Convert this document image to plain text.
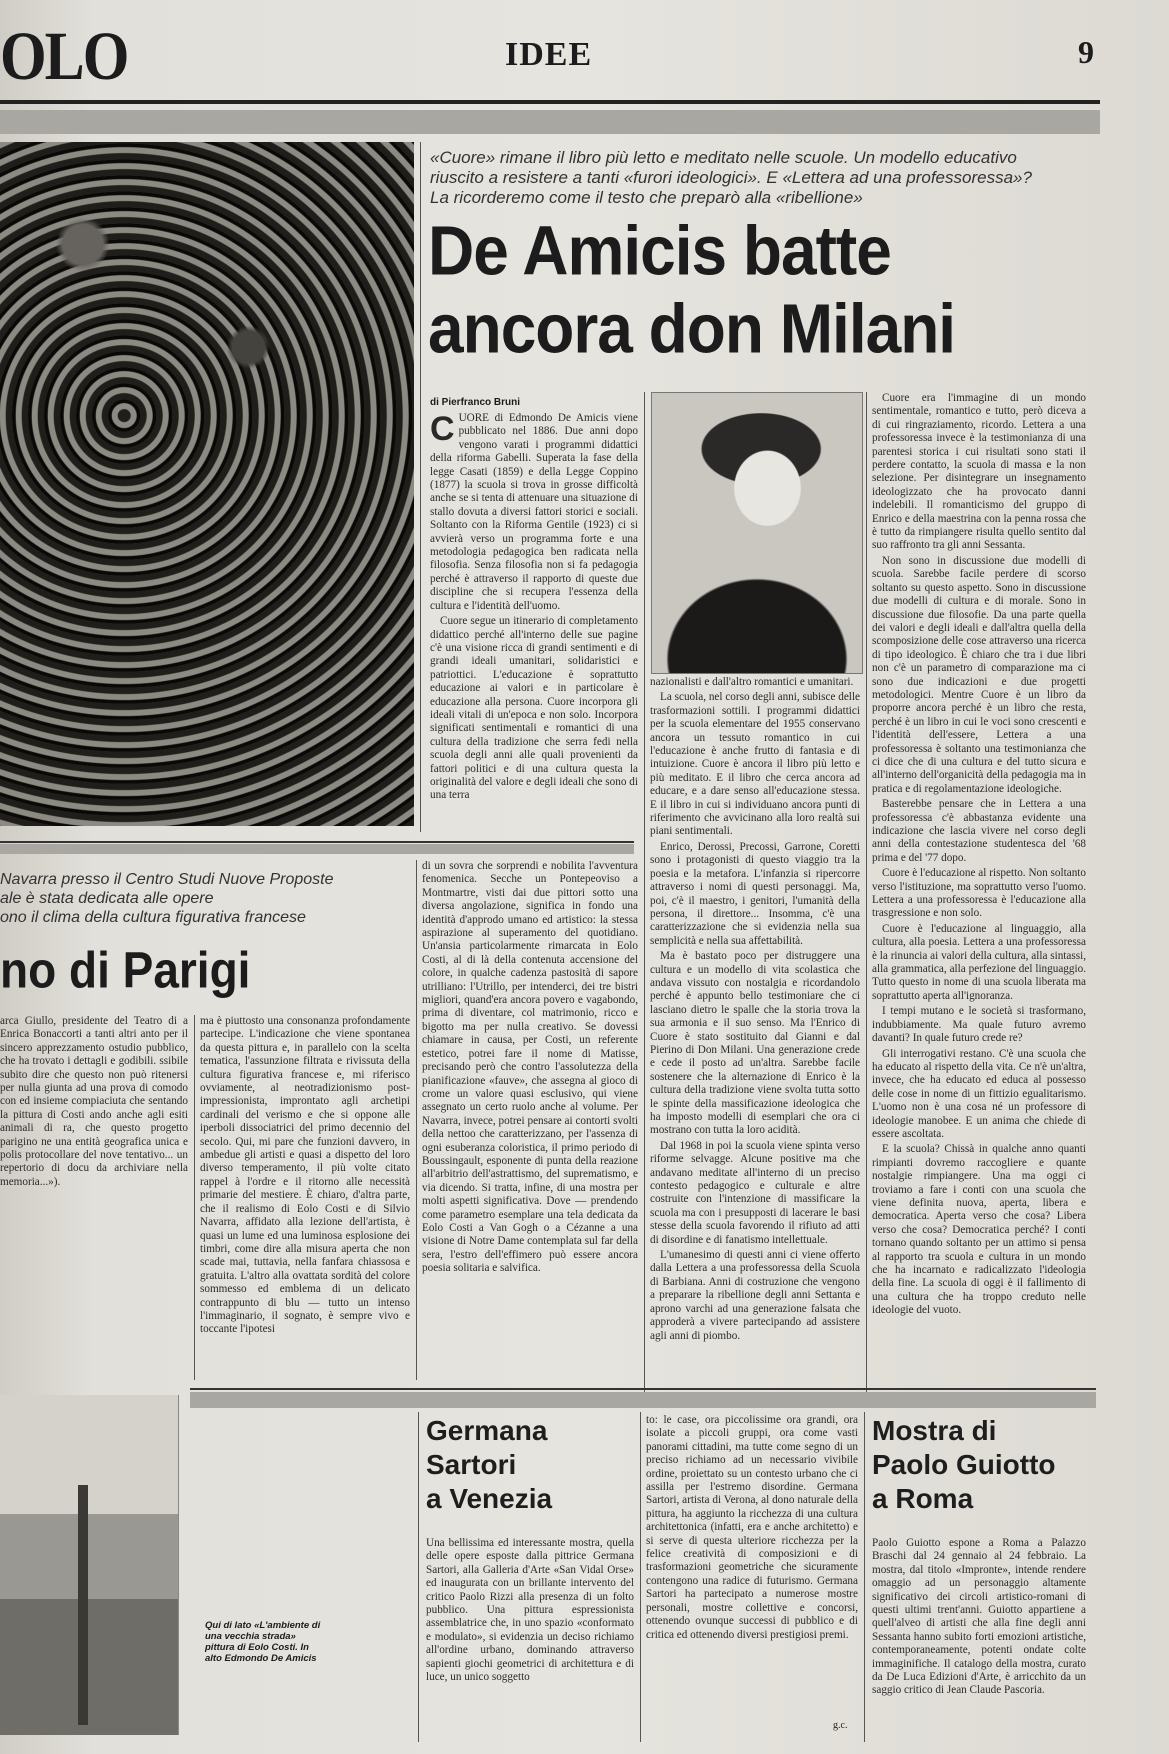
OLO	IDEE	9
«Cuore» rimane il libro più letto e meditato nelle scuole. Un modello educativo riuscito a resistere a tanti «furori ideologici». E «Lettera ad una professoressa»? La ricorderemo come il testo che preparò alla «ribellione»
De Amicis batte
ancora don Milani
di Pierfranco Bruni
C UORE di Edmondo De Amicis viene pubblicato nel 1886. Due anni dopo vengono varati i programmi didattici della riforma Gabelli. Superata la fase della legge Casati (1859) e della Legge Coppino (1877) la scuola si trova in grosse difficoltà anche se si tenta di attenuare una situazione di stallo dovuta a diversi fattori storici e sociali. Soltanto con la Riforma Gentile (1923) ci si avvierà verso un programma forte e una metodologia pedagogica ben radicata nella filosofia. Senza filosofia non si fa pedagogia perché è attraverso il rapporto di queste due discipline che si recupera l'essenza della cultura e l'identità dell'uomo.

Cuore segue un itinerario di completamento didattico perché all'interno delle sue pagine c'è una visione ricca di grandi sentimenti e di grandi ideali umanitari, solidaristici e patriottici. L'educazione è soprattutto educazione ai valori e in particolare è educazione alla persona. Cuore incorpora gli ideali vitali di un'epoca e non solo. Incorpora significati sentimentali e romantici di una cultura della tradizione che serra fedi nella scuola degli anni alle quali provenienti da fattori politici e di una cultura questa la originalità del valore e degli ideali che sono di una terra

nazionalisti e dall'altro romantici e umanitari.

La scuola, nel corso degli anni, subisce delle trasformazioni sottili. I programmi didattici per la scuola elementare del 1955 conservano ancora un tessuto romantico in cui l'educazione è anche frutto di fantasia e di intuizione. Cuore è ancora il libro più letto e più meditato. E il libro che cerca ancora ad educare, e a dare senso all'educazione stessa. E il libro in cui si individuano ancora punti di riferimento che avvicinano alla loro realtà sui piani sentimentali.

Enrico, Derossi, Precossi, Garrone, Coretti sono i protagonisti di questo viaggio tra la poesia e la metafora. L'infanzia si ripercorre attraverso i nomi di questi personaggi. Ma, poi, c'è il maestro, i genitori, l'umanità della persona, il direttore... Insomma, c'è una caratterizzazione che si evidenzia nella sua semplicità e nella sua affettabilità.

Ma è bastato poco per distruggere una cultura e un modello di vita scolastica che andava vissuto con nostalgia e ricordandolo perché è appunto bello testimoniare che ci lasciano dietro le spalle che la storia trova la sua armonia e il suo senso. Ma l'Enrico di Cuore è stato sostituito dal Gianni e dal Pierino di Don Milani. Una generazione crede e cede il posto ad un'altra. Sarebbe facile sostenere che la alternazione di Enrico è la cultura della tradizione viene svolta tutta sotto le spinte della massificazione ideologica che ha imposto modelli di esemplari che ora ci mostrano con tutta la loro acidità.

Dal 1968 in poi la scuola viene spinta verso riforme selvagge. Alcune positive ma che andavano meditate all'interno di un preciso contesto pedagogico e culturale e altre costruite con l'intenzione di massificare la scuola ma con i presupposti di lacerare le basi stesse della scuola favorendo il rifiuto ad atti di disordine e di fanatismo intellettuale.

L'umanesimo di questi anni ci viene offerto dalla Lettera a una professoressa della Scuola di Barbiana. Anni di costruzione che vengono a preparare la ribellione degli anni Settanta e aprono varchi ad una generazione falsata che approderà a vivere partecipando ad assistere agli anni di piombo.

Cuore era l'immagine di un mondo sentimentale, romantico e tutto, però diceva a di cui ringraziamento, ricordo. Lettera a una professoressa invece è la testimonianza di una parentesi storica i cui risultati sono stati il perdere contatto, la scuola di massa e la non selezione. Per disintegrare un insegnamento ideologizzato che ha provocato danni indelebili. Il romanticismo del gruppo di Enrico e della maestrina con la penna rossa che è tutto da rimpiangere risulta quello sentito dal suo raffronto tra gli anni Sessanta.

Non sono in discussione due modelli di scuola. Sarebbe facile perdere di scorso soltanto su questo aspetto. Sono in discussione due modelli di cultura e di morale. Sono in discussione due filosofie. Da una parte quella dei valori e degli ideali e dall'altra quella della scomposizione delle cose attraverso una ricerca di tipo ideologico. È chiaro che tra i due libri non c'è un parametro di comparazione ma ci sono due indicazioni e due progetti metodologici. Mentre Cuore è un libro da proporre ancora perché è un libro che resta, perché è un libro in cui le voci sono crescenti e l'identità dell'essere, Lettera a una professoressa è soltanto una testimonianza che ci dice che di una cultura e del tutto sicura e all'interno dell'organicità della pedagogia ma in pratica e di regolamentazione ideologiche.

Basterebbe pensare che in Lettera a una professoressa c'è abbastanza evidente una indicazione che lascia vivere nel corso degli anni della contestazione studentesca del '68 prima e del '77 dopo.

Cuore è l'educazione al rispetto. Non soltanto verso l'istituzione, ma soprattutto verso l'uomo. Lettera a una professoressa è l'educazione alla trasgressione e non solo.

Cuore è l'educazione al linguaggio, alla cultura, alla poesia. Lettera a una professoressa è la rinuncia ai valori della cultura, alla sintassi, alla grammatica, alla perfezione del linguaggio. Tutto questo in nome di una scuola liberata ma soprattutto aperta all'ignoranza.

I tempi mutano e le società si trasformano, indubbiamente. Ma quale futuro avremo davanti? In quale futuro crede re?

Gli interrogativi restano. C'è una scuola che ha educato al rispetto della vita. Ce n'è un'altra, invece, che ha educato ed educa al possesso delle cose in nome di un fittizio egualitarismo. L'uomo non è una cosa né un professore di ideologie manobee. E un anima che chiede di essere ascoltata.

E la scuola? Chissà in qualche anno quanti rimpianti dovremo raccogliere e quante nostalgie rimpiangere. Una ma oggi ci troviamo a fare i conti con una scuola che viene definita nuova, aperta, libera e democratica. Aperta verso che cosa? Libera verso che cosa? Democratica perché? I conti tornano quando soltanto per un attimo si pensa al rapporto tra scuola e cultura in un mondo che ha incarnato e radicalizzato l'ideologia della fine. La scuola di oggi è il fallimento di una cultura che ha troppo creduto nelle ideologie del vuoto.

Navarra presso il Centro Studi Nuove Proposte
ale è stata dedicata alle opere
ono il clima della cultura figurativa francese
no di Parigi
arca Giullo, presidente del Teatro di a Enrica Bonaccorti a tanti altri anto per il sincero apprezzamento ostudio pubblico, che ha trovato i dettagli e godibili. ssibile subito dire che questo non può ritenersi per nulla giunta ad una prova di comodo con ed insieme compiaciuta che sentando la pittura di Costi ando anche agli esiti animali di ra, che questo progetto parigino ne una entità geografica unica e polis protocollare del nove tentativo... un repertorio di docu da archiviare nella memoria...»).
ma è piuttosto una consonanza profondamente partecipe. L'indicazione che viene spontanea da questa pittura e, in parallelo con la scelta tematica, l'assunzione filtrata e rivissuta della cultura figurativa francese e, mi riferisco ovviamente, al neotradizionismo post-impressionista, improntato agli archetipi cardinali del verismo e che si oppone alle iperboli dissociatrici del primo decennio del secolo. Qui, mi pare che funzioni davvero, in ambedue gli artisti e quasi a dispetto del loro diverso temperamento, il più volte citato rappel à l'ordre e il ritorno alle necessità primarie del mestiere. È chiaro, d'altra parte, che il realismo di Eolo Costi e di Silvio Navarra, affidato alla lezione dell'artista, è quasi un lume ed una luminosa esplosione dei timbri, come dire alla misura aperta che non scade mai, tuttavia, nella fanfara chiassosa e gratuita. L'altro alla ovattata sordità del colore sommesso ed emblema di un delicato contrappunto di blu — tutto un intenso l'immaginario, il sognato, è sempre vivo e toccante l'ipotesi
di un sovra che sorprendi e nobilita l'avventura fenomenica. Secche un Pontepeoviso a Montmartre, visti dai due pittori sotto una diversa angolazione, significa in fondo una identità d'approdo umano ed artistico: la stessa aspirazione al superamento del quotidiano. Un'ansia particolarmente rimarcata in Eolo Costi, al di là della contenuta accensione del colore, in qualche cadenza pastosità di sapore utrilliano: l'Utrillo, per intenderci, dei tre bistri migliori, quand'era ancora povero e vagabondo, prima di diventare, col matrimonio, ricco e bigotto ma per nulla creativo. Se dovessi chiamare in causa, per Costi, un referente estetico, potrei fare il nome di Matisse, precisando però che contro l'assolutezza della pianificazione «fauve», che assegna al gioco di crome un valore quasi esclusivo, qui viene assegnato un certo ruolo anche al volume. Per Navarra, invece, potrei pensare ai contorti svolti della nettoo che caratterizzano, per l'assenza di ogni esuberanza coloristica, il primo periodo di Boussingault, esponente di punta della reazione all'arbitrio dell'astrattismo, del suprematismo, e via dicendo. Si tratta, infine, di una mostra per molti aspetti significativa. Dove — prendendo come parametro esemplare una tela dedicata da Eolo Costi a Van Gogh o a Cézanne a una visione di Notre Dame contemplata sul far della sera, l'estro dell'effimero può essere ancora poesia solitaria e salvifica.
Qui di lato «L'ambiente di una vecchia strada» pittura di Eolo Costi. In alto Edmondo De Amicis
Germana
Sartori
a Venezia
Una bellissima ed interessante mostra, quella delle opere esposte dalla pittrice Germana Sartori, alla Galleria d'Arte «San Vidal Orse» ed inaugurata con un brillante intervento del critico Paolo Rizzi alla presenza di un folto pubblico. Una pittura espressionista assemblatrice che, in uno spazio «conformato e modulato», si evidenzia un deciso richiamo all'ordine urbano, dominando attraverso sapienti giochi geometrici di architettura e di luce, un unico soggetto
to: le case, ora piccolissime ora grandi, ora isolate a piccoli gruppi, ora come vasti panorami cittadini, ma tutte come segno di un preciso richiamo ad un necessario vivibile ordine, proiettato su un contesto urbano che ci assilla per l'estremo disordine. Germana Sartori, artista di Verona, al dono naturale della pittura, ha aggiunto la ricchezza di una cultura architettonica (infatti, era e anche architetto) e si serve di questa ulteriore ricchezza per la felice creatività di composizioni e di trasformazioni geometriche che sicuramente contengono una radice di futurismo. Germana Sartori ha partecipato a numerose mostre personali, mostre collettive e concorsi, ottenendo ovunque successi di pubblico e di critica ed ottenendo diversi prestigiosi premi.
g.c.
Mostra di
Paolo Guiotto
a Roma
Paolo Guiotto espone a Roma a Palazzo Braschi dal 24 gennaio al 24 febbraio. La mostra, dal titolo «Impronte», intende rendere omaggio ad un personaggio altamente significativo dei circoli artistico-romani di questi ultimi trent'anni. Guiotto appartiene a quell'alveo di artisti che alla fine degli anni Sessanta hanno subito forti emozioni artistiche, contemporaneamente, potenti ondate colte immaginifiche. Il catalogo della mostra, curato da De Luca Edizioni d'Arte, è arricchito da un saggio critico di Jean Claude Pascoria.
